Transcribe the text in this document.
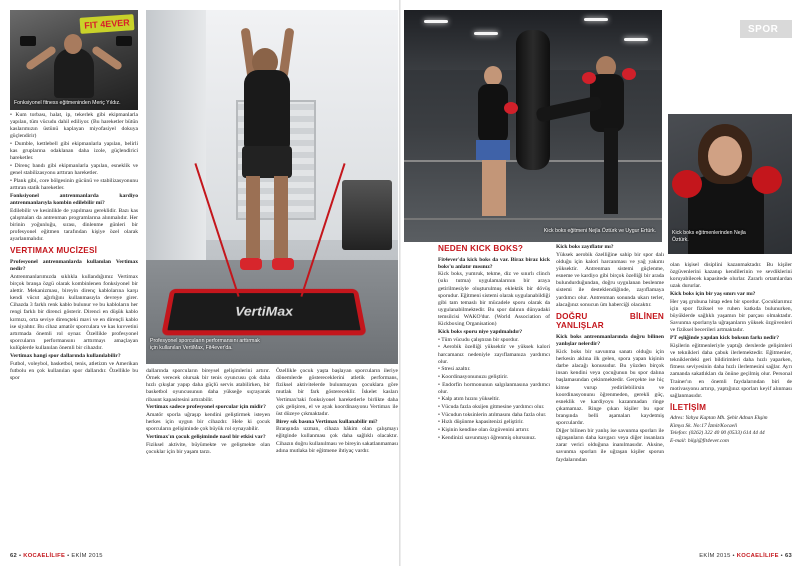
FIT 4EVER
Fonksiyonel fitness eğitmeninden Meriç Yıldız.
VertiMax
Profesyonel sporcuların performansını arttırmak için kullanılan VertiMax, Fit4ever'da.
Kick boks eğitmeni Nejla Öztürk ve Uygur Ertürk.
SPOR
Kick boks eğitmenlerinden Nejla Öztürk.

• Kum torbası, halat, ip, tekerlek gibi ekipmanlarla yapılan, tüm vücudu dahil ediliyor. (Bu hareketler bütün kaslarımızın üstünü kaplayan miyofasiyel dokuya güçlendirir)

• Dumble, kettlebell gibi ekipmanlarla yapılan, belirli kas gruplarına odaklanan daha izole, güçlendirici hareketler.

• Direnç bandı gibi ekipmanlarla yapılan, esneklik ve genel stabilizasyonu arttıran hareketler.

• Plank gibi, core bölgesinin gücünü ve stabilizasyonunu arttıran statik hareketler.

Fonksiyonel antrenmanlarda kardiyo antrenmanlarıyla kombin edilebilir mi?

Edilebilir ve kesinlikle de yapılması gereklidir. Bazı kas çalışmaları da antrenman programlarına alınmalıdır. Her birinin yoğunluğu, sırası, dinlenme günleri bir profesyonel eğitmen tarafından kişiye özel olarak ayarlanmalıdır.

VERTIMAX MUCİZESİ

Profesyonel antrenmanlarda kullanılan Vertimax nedir?

Antrenmanlarımızda sıklıkla kullandığımız Vertimax birçok branşa özgü olarak kombinlenen fonksiyonel bir alettir. Mekanizması, bireyin direnç kablolarına karşı kendi vücut ağırlığını kullanmasıyla devreye girer. Cihazda 3 farklı renk kablo bulunur ve bu kabloların her rengi farklı bir direnci gösterir. Direnci en düşük kablo kırmızı, orta seviye dirençteki mavi ve en dirençli kablo ise siyahtır. Bu cihaz amatör sporculara ve kas kuvvetini artırmada önemli rol oynar. Özellikle profesyonel sporcuların performansını arttırmayı amaçlayan kulüplerde kullanılan önemli bir cihazdır.

Vertimax hangi spor dallarında kullanılabilir?

Futbol, voleybol, basketbol, tenis, atletizm ve Amerikan futbolu en çok kullanılan spor dallarıdır. Özellikle bu spor

dallarında sporcuların bireysel gelişimlerini artırır. Örnek verecek olursak bir tenis oyuncusu çok daha hızlı çıkışlar yapıp daha güçlü servis atabilirken, bir basketbol oyuncusunun daha yükseğe sıçrayarak ribaunt kapasitesini artırabilir.

Vertimax sadece profesyonel sporcular için midir?

Amatör sporla uğraşıp kendini geliştirmek isteyen herkes için uygun bir cihazdır. Hele ki çocuk sporcuların gelişiminde çok büyük rol oynayabilir.

Vertimax'ın çocuk gelişiminde nasıl bir etkisi var?

Fiziksel aktivite, büyümekte ve gelişmekte olan çocuklar için bir yaşam tarzı.

Özellikle çocuk yaşta başlayan sporcuların ileriye dönemlerde göstereceklerini atletik performans, fiziksel aktivitelerde bulunmayan çocuklara göre mutlak bir fark göstereceklir. İskelet kasları Vertimax'taki fonksiyonel hareketlerle birlikte daha çok gelişiren, el ve ayak koordinasyonu Vertimax ile üst düzeye çıkmaktadır.

Birey sık basına Vertimax kullanabilir mi?

Branşında uzman, cihaza hâkim olan çalışmayı eğitginde kullanması çok daha sağlıklı olacaktır. Cihazın doğru kullanılması ve bireyin sakatlanmaması adına mutlaka bir eğitmene ihtiyaç vardır.

NEDEN KICK BOKS?

Fit4ever'da kick boks da var. Biraz biraz kick boks'u anlatır mısınız?

Kick boks, yumruk, tekme, diz ve sınırlı clinch (sıkı tutma) uygulamalarının bir araya getirilmesiyle oluşturulmuş eklektik bir dövüş sporudur. Eğitmeni sistemi olarak uygulanabildiği gibi tam temaslı bir mücadele sporu olarak da uygulanabilmektedir. Bu spor dalının dünyadaki temsilcisi WAKO'dur. (World Association of Kickboxing Organisation)

Kick boks sporu niye yapılmalıdır?

• Tüm vücudu çalıştıran bir spordur.

• Aerobik özelliği yüksektir ve yüksek kalori harcamanız nedeniyle zayıflamanıza yardımcı olur.

• Stresi azaltır.

• Koordinasyonunuzu geliştirir.

• Endorfin hormonunun salgılanmasına yardımcı olur.

• Kalp atım hızını yükseltir.

• Vücuda fazla oksijen gitmesine yardımcı olur.

• Vücudun toksinlerin atılmasını daha fazla olur.

• Hızlı düşünme kapasitenizi geliştirir.

• Kişinin kendine olan özgüvenini artırır.

• Kendinizi savunmayı öğrenmiş olursunuz.

Kick boks zayıflatır mı?

Yüksek aerobik özelliğine sahip bir spor dalı olduğu için kalori harcanması ve yağ yakımı yüksektir. Antrenman sistemi güçlenme, esneme ve kardiyo gibi birçok özelliği bir arada bulundurduğundan, doğru uygulanan beslenme sistemi ile desteklendiğinde, zayıflamaya yardımcı olur. Antrenman sonunda ukarı terler, alacağınız sonucun üm haberciği olacaktır.

DOĞRU BİLİNEN YANLIŞLAR

Kick boks antrenmanlarında doğru bilinen yanlışlar nelerdir?

Kick boks bir savunma sanatı olduğu için herkesin aklına ilk gelen, spora yapan kişinin darbe alacağı konusudur. Bu yüzden birçok insan kendini veya çocuğunun bu spor dalına başlamasından çekinmektedir. Gerçekte ise hiç kimse vurup yedirilebilirsin ve koordinasyonunu öğrenmeden, gerekli güç, esneklik ve kardiyoyu kazanmadan ringe çıkamamaz. Ringe çıkan kişiler bu spor branşında belli aşamaları kaydetmiş sporculardır.

Diğer bilinen bir yanlış ise savunma sporları ile uğraşanların daha kavgacı veya diğer insanlara zarar verici olduğuna inanılmasıdır. Aksine, savunma sporları ile uğraşan kişiler sporun faydalarından

olan kişisel disiplini kazanmaktadır. Bu kişiler özgüvenlerini kazanıp kendilerinin ve sevdiklerini koruyabilecek kapasitede olurlar. Zararlı ortamlardan uzak dururlar.

Kick boks için bir yaş sınırı var mı?

Her yaş grubuna hitap eden bir spordur. Çocuklarımız için spor fiziksel ve ruhen katkıda bulunurken, büyüklerde sağlıklı yaşamın bir parçası olmaktadır. Savunma sporlarıyla uğraşanların yüksek özgüvenleri ve fiziksel becerileri artmaktadır.

PT eşliğinde yapılan kick boksun farkı nedir?

Kişilerin eğitmenleriyle yaptığı derslerde gelişimleri ve teknikleri daha çabuk ilerlemektedir. Eğitmenler, tekniklerdeki geri bildirimleri daha hızlı yaparken, fitness seviyesinin daha hızlı ilerlemesini sağlar. Ayrı zamanda sakatlıkları da önüne geçilmiş olur. Personal Trainer'ın en önemli faydalarından biri de motivasyonu artırıp, yaptığınız sporları keyif alınması sağlanmasıdır.

İLETİŞİM

Adres: Yahya Kaptan Mh. Şehit Adnan Ekşim

Kimya Sk. No:17 İzmit/Kocaeli

Telefon: (0262) 322 40 00 (0533) 614 44 44

E-mail: bilgi@fit4ever.com

62 • KOCAELİLIFE • EKİM 2015	EKİM 2015 • KOCAELİLIFE • 63
